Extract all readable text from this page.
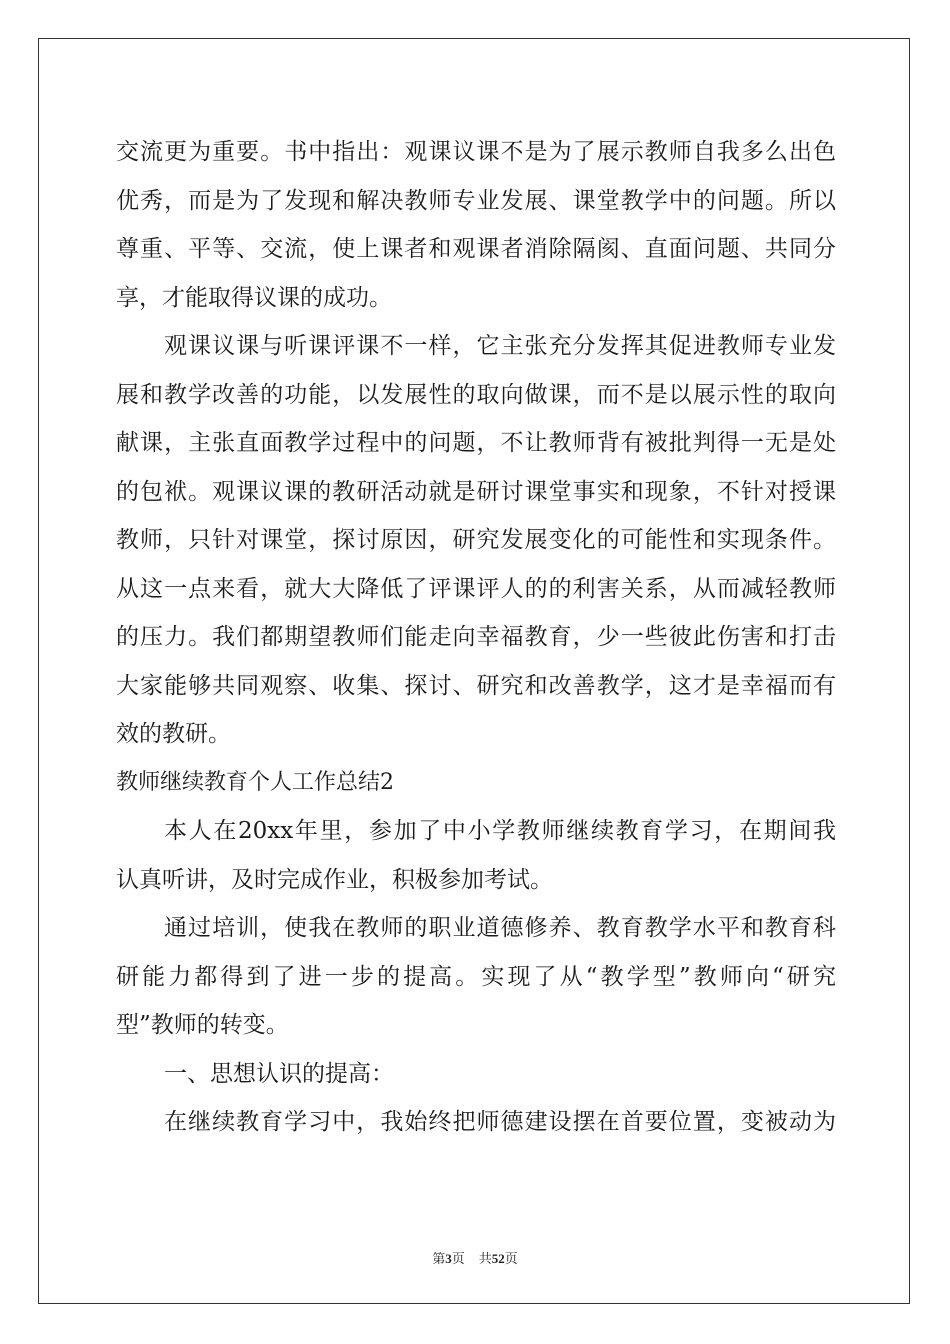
交流更为重要。书中指出：观课议课不是为了展示教师自我多么出色
优秀，而是为了发现和解决教师专业发展、课堂教学中的问题。所以
尊重、平等、交流，使上课者和观课者消除隔阂、直面问题、共同分
享，才能取得议课的成功。
观课议课与听课评课不一样，它主张充分发挥其促进教师专业发
展和教学改善的功能，以发展性的取向做课，而不是以展示性的取向
献课，主张直面教学过程中的问题，不让教师背有被批判得一无是处
的包袱。观课议课的教研活动就是研讨课堂事实和现象，不针对授课
教师，只针对课堂，探讨原因，研究发展变化的可能性和实现条件。
从这一点来看，就大大降低了评课评人的的利害关系，从而减轻教师
的压力。我们都期望教师们能走向幸福教育，少一些彼此伤害和打击
大家能够共同观察、收集、探讨、研究和改善教学，这才是幸福而有
效的教研。
教师继续教育个人工作总结2
本人在20xx年里，参加了中小学教师继续教育学习，在期间我
认真听讲，及时完成作业，积极参加考试。
通过培训，使我在教师的职业道德修养、教育教学水平和教育科
研能力都得到了进一步的提高。实现了从“教学型”教师向“研究
型”教师的转变。
一、思想认识的提高：
在继续教育学习中，我始终把师德建设摆在首要位置，变被动为
第3页 共52页
